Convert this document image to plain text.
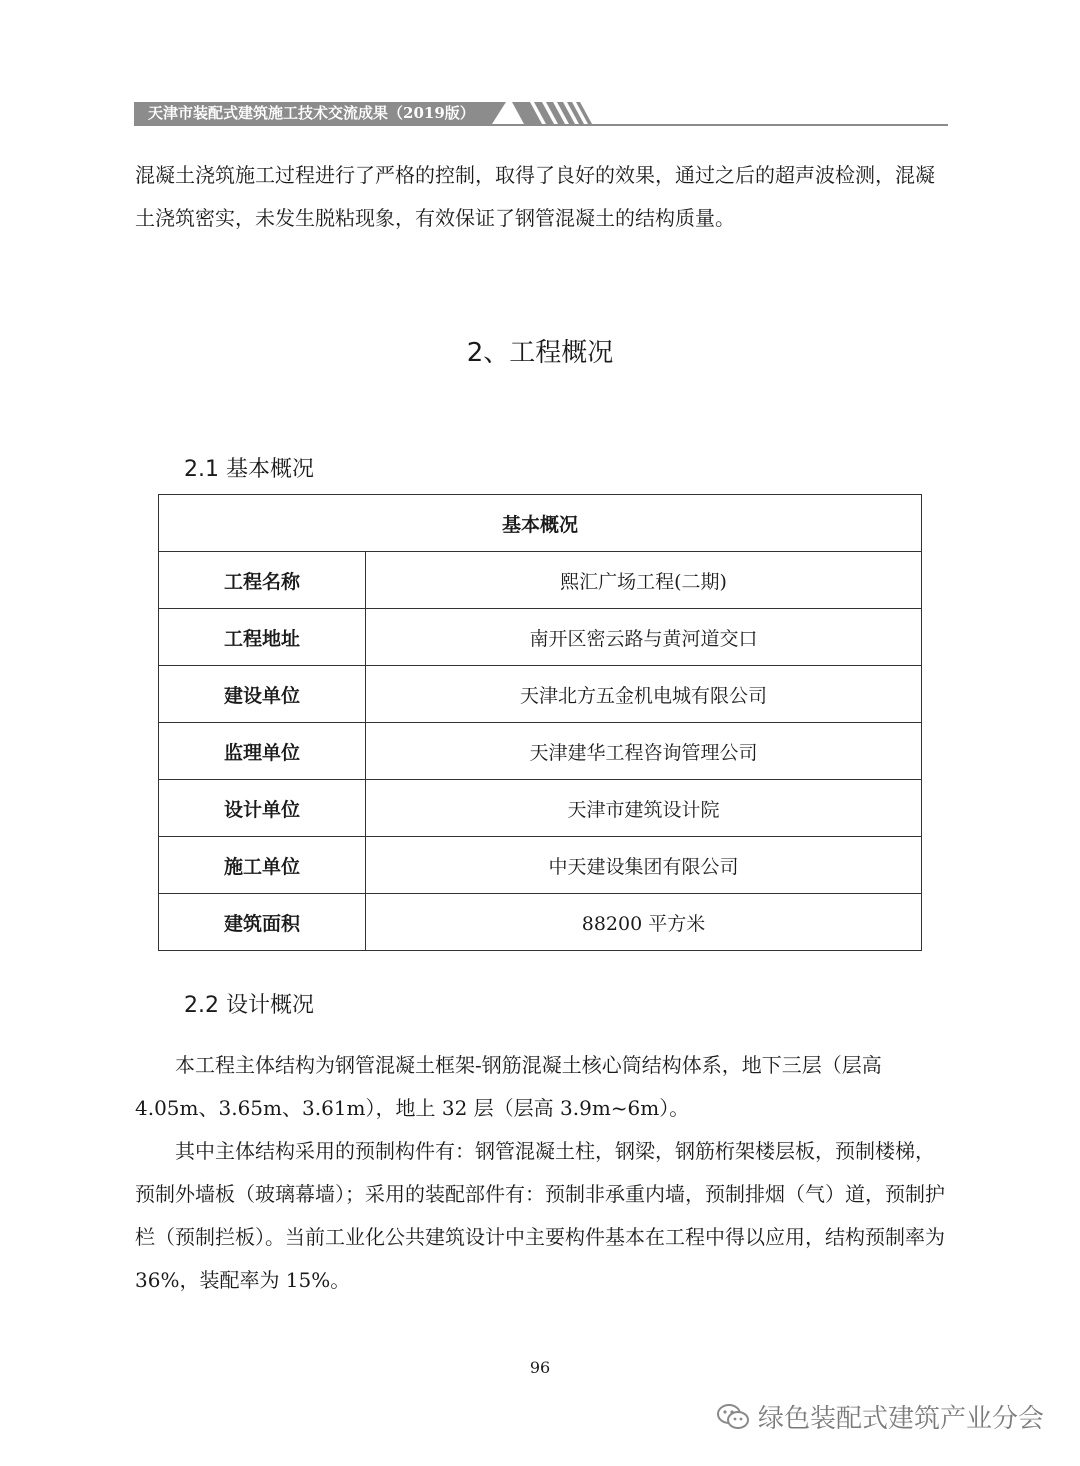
天津市装配式建筑施工技术交流成果（2019版）
混凝土浇筑施工过程进行了严格的控制，取得了良好的效果，通过之后的超声波检测，混凝土浇筑密实，未发生脱粘现象，有效保证了钢管混凝土的结构质量。
2、工程概况
2.1 基本概况
基本概况	
工程名称	熙汇广场工程(二期)
工程地址	南开区密云路与黄河道交口
建设单位	天津北方五金机电城有限公司
监理单位	天津建华工程咨询管理公司
设计单位	天津市建筑设计院
施工单位	中天建设集团有限公司
建筑面积	88200 平方米
2.2 设计概况

本工程主体结构为钢管混凝土框架-钢筋混凝土核心筒结构体系，地下三层（层高4.05m、3.65m、3.61m），地上 32 层（层高 3.9m~6m）。

其中主体结构采用的预制构件有：钢管混凝土柱，钢梁，钢筋桁架楼层板，预制楼梯，预制外墙板（玻璃幕墙）；采用的装配部件有：预制非承重内墙，预制排烟（气）道，预制护栏（预制拦板）。当前工业化公共建筑设计中主要构件基本在工程中得以应用，结构预制率为 36%，装配率为 15%。

96
绿色装配式建筑产业分会
